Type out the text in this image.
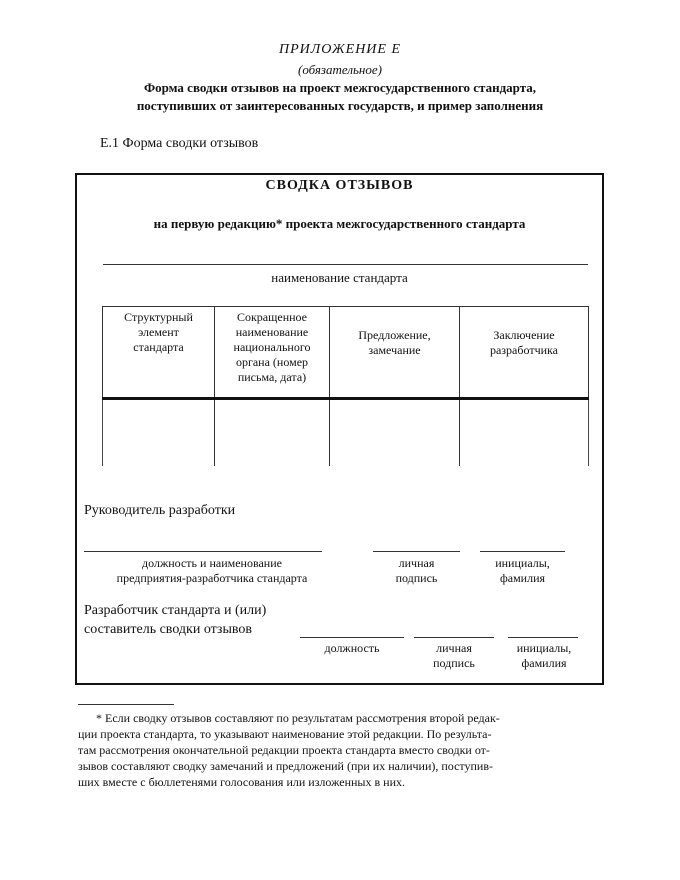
ПРИЛОЖЕНИЕ Е
(обязательное)
Форма сводки отзывов на проект межгосударственного стандарта,
поступивших от заинтересованных государств, и пример заполнения
Е.1 Форма сводки отзывов
СВОДКА ОТЗЫВОВ
на первую редакцию* проекта межгосударственного стандарта
наименование стандарта
Структурный
элемент
стандарта
Сокращенное
наименование
национального
органа (номер
письма, дата)
Предложение,
замечание
Заключение
разработчика
Руководитель разработки
должность и наименование
предприятия-разработчика стандарта
личная
подпись
инициалы,
фамилия
Разработчик стандарта и (или)
составитель сводки отзывов
должность	личная
подпись
инициалы,
фамилия
* Если сводку отзывов составляют по результатам рассмотрения второй редак-
ции проекта стандарта, то указывают наименование этой редакции. По результа-
там рассмотрения окончательной редакции проекта стандарта вместо сводки от-
зывов составляют сводку замечаний и предложений (при их наличии), поступив-
ших вместе с бюллетенями голосования или изложенных в них.
